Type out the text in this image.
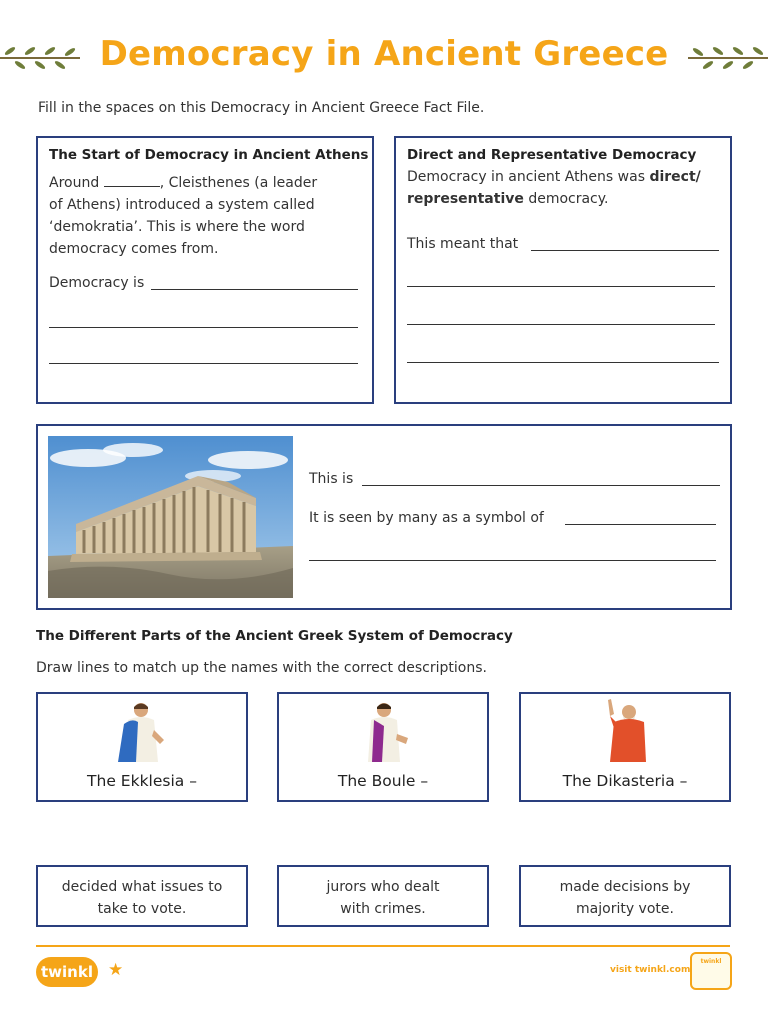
Democracy in Ancient Greece
Fill in the spaces on this Democracy in Ancient Greece Fact File.
The Start of Democracy in Ancient Athens
Around	, Cleisthenes (a leader
of Athens) introduced a system called
‘demokratia’. This is where the word
democracy comes from.
Democracy is
Direct and Representative Democracy
Democracy in ancient Athens was direct/
representative democracy.
This meant that
This is
It is seen by many as a symbol of
The Different Parts of the Ancient Greek System of Democracy
Draw lines to match up the names with the correct descriptions.
The Ekklesia –	The Boule –	The Dikasteria –
decided what issues to
take to vote.
jurors who dealt
with crimes.
made decisions by
majority vote.
twinkl ★	visit twinkl.com
twinkl
